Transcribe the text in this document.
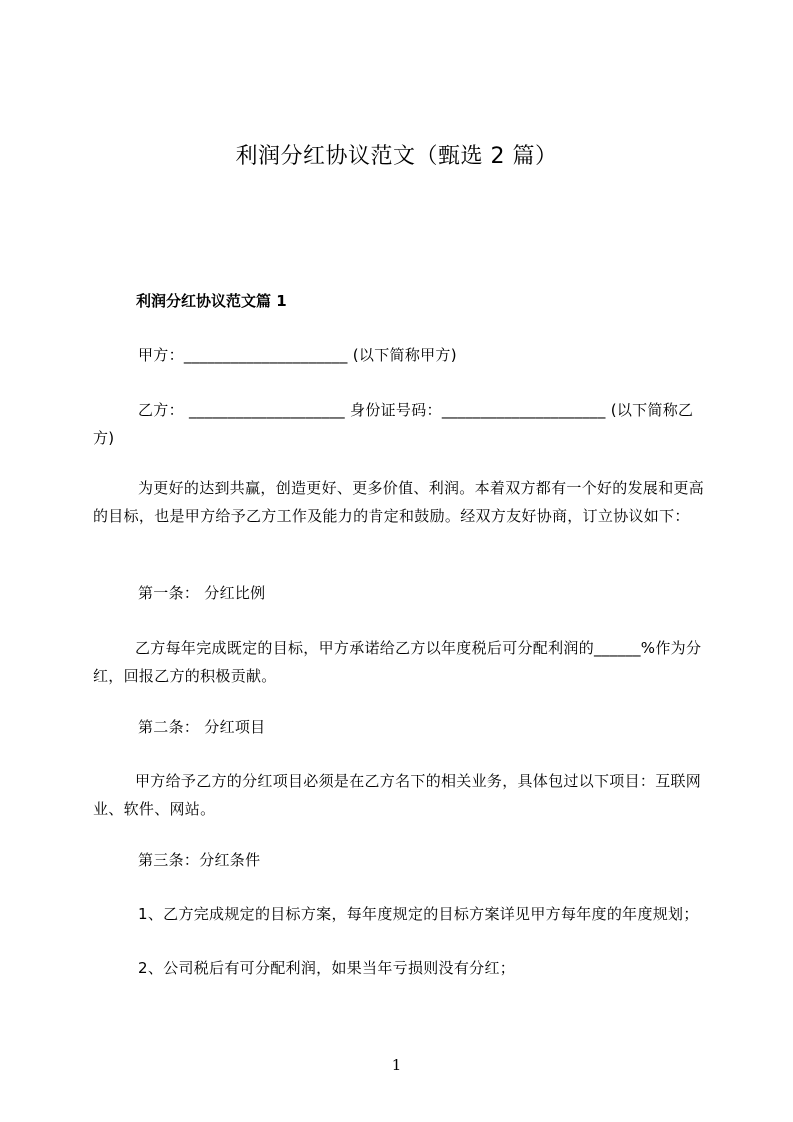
利润分红协议范文（甄选 2 篇）
利润分红协议范文篇 1

甲方：_____________________ (以下简称甲方)

乙方： ____________________ 身份证号码：_____________________ (以下简称乙方)

为更好的达到共赢，创造更好、更多价值、利润。本着双方都有一个好的发展和更高的目标，也是甲方给予乙方工作及能力的肯定和鼓励。经双方友好协商，订立协议如下：

第一条： 分红比例

乙方每年完成既定的目标，甲方承诺给乙方以年度税后可分配利润的______%作为分红，回报乙方的积极贡献。

第二条： 分红项目

甲方给予乙方的分红项目必须是在乙方名下的相关业务，具体包过以下项目：互联网业、软件、网站。

第三条：分红条件

1、乙方完成规定的目标方案，每年度规定的目标方案详见甲方每年度的年度规划；

2、公司税后有可分配利润，如果当年亏损则没有分红；

1
